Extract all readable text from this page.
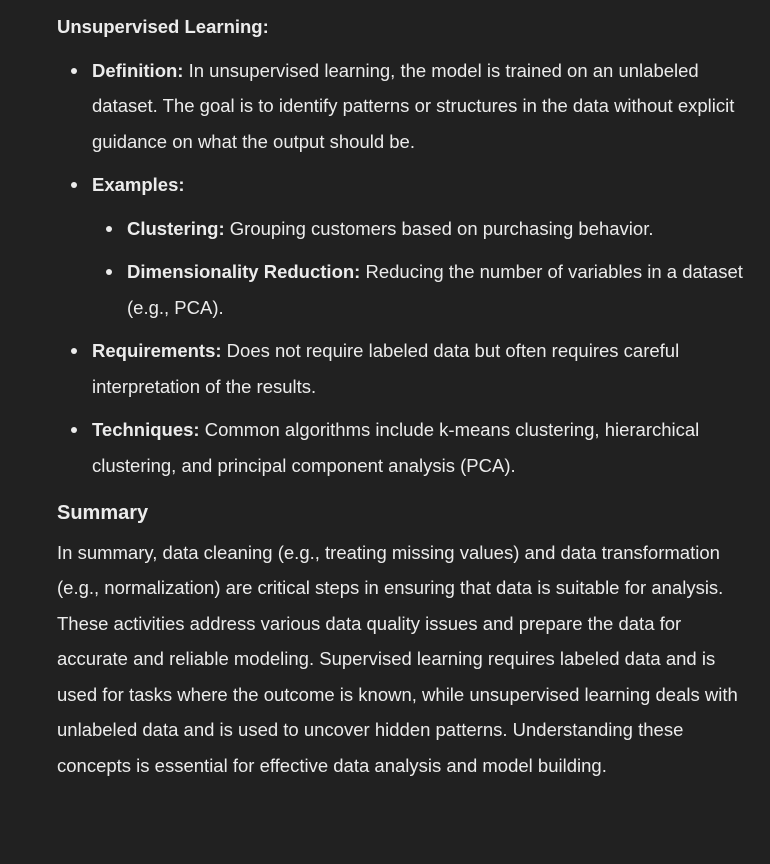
Unsupervised Learning:

Definition: In unsupervised learning, the model is trained on an unlabeled dataset. The goal is to identify patterns or structures in the data without explicit guidance on what the output should be.
Examples:
Clustering: Grouping customers based on purchasing behavior.
Dimensionality Reduction: Reducing the number of variables in a dataset (e.g., PCA).
Requirements: Does not require labeled data but often requires careful interpretation of the results.
Techniques: Common algorithms include k-means clustering, hierarchical clustering, and principal component analysis (PCA).
Summary

In summary, data cleaning (e.g., treating missing values) and data transformation (e.g., normalization) are critical steps in ensuring that data is suitable for analysis. These activities address various data quality issues and prepare the data for accurate and reliable modeling. Supervised learning requires labeled data and is used for tasks where the outcome is known, while unsupervised learning deals with unlabeled data and is used to uncover hidden patterns. Understanding these concepts is essential for effective data analysis and model building.
